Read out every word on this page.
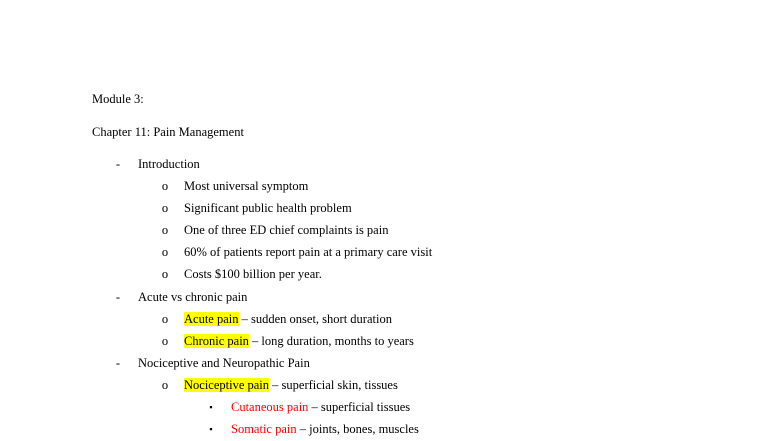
Module 3:
Chapter 11: Pain Management
- Introduction
o Most universal symptom
o Significant public health problem
o One of three ED chief complaints is pain
o 60% of patients report pain at a primary care visit
o Costs $100 billion per year.
- Acute vs chronic pain
o Acute pain – sudden onset, short duration
o Chronic pain – long duration, months to years
- Nociceptive and Neuropathic Pain
o Nociceptive pain – superficial skin, tissues
▪ Cutaneous pain – superficial tissues
▪ Somatic pain – joints, bones, muscles
